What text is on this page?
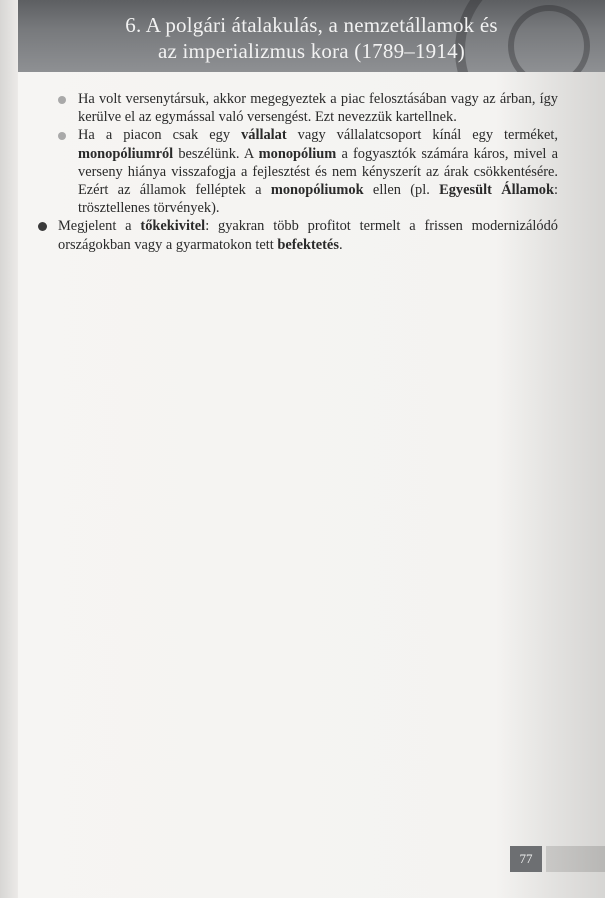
6. A polgári átalakulás, a nemzetállamok és
az imperializmus kora (1789–1914)

Ha volt versenytársuk, akkor megegyeztek a piac felosztásában vagy az árban, így kerülve el az egymással való versengést. Ezt nevezzük kartellnek.

Ha a piacon csak egy vállalat vagy vállalatcsoport kínál egy terméket, monopóliumról beszélünk. A monopólium a fogyasztók számára káros, mivel a verseny hiánya visszafogja a fejlesztést és nem kényszerít az árak csökkentésére. Ezért az államok felléptek a monopóliumok ellen (pl. Egyesült Államok: trösztellenes törvények).

Megjelent a tőkekivitel: gyakran több profitot termelt a frissen modernizálódó országokban vagy a gyarmatokon tett befektetés.

77
